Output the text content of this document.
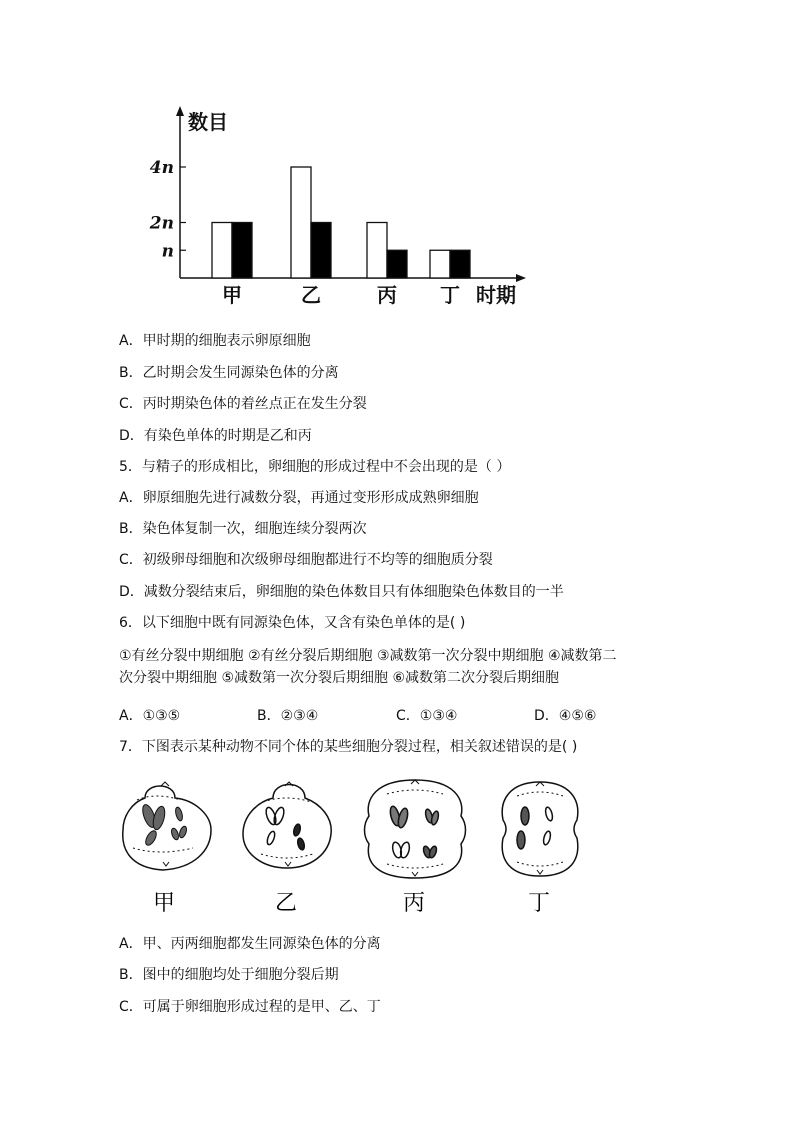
数目
4n
2n
n
甲	乙	丙 丁 时期
A．甲时期的细胞表示卵原细胞
B．乙时期会发生同源染色体的分离
C．丙时期染色体的着丝点正在发生分裂
D．有染色单体的时期是乙和丙
5．与精子的形成相比，卵细胞的形成过程中不会出现的是（ ）
A．卵原细胞先进行减数分裂，再通过变形形成成熟卵细胞
B．染色体复制一次，细胞连续分裂两次
C．初级卵母细胞和次级卵母细胞都进行不均等的细胞质分裂
D．减数分裂结束后，卵细胞的染色体数目只有体细胞染色体数目的一半
6．以下细胞中既有同源染色体，又含有染色单体的是( )
①有丝分裂中期细胞 ②有丝分裂后期细胞 ③减数第一次分裂中期细胞 ④减数第二
次分裂中期细胞 ⑤减数第一次分裂后期细胞 ⑥减数第二次分裂后期细胞
A．①③⑤	B．②③④	C．①③④	D．④⑤⑥
7．下图表示某种动物不同个体的某些细胞分裂过程，相关叙述错误的是( )
甲	乙	丙	丁
A．甲、丙两细胞都发生同源染色体的分离
B．图中的细胞均处于细胞分裂后期
C．可属于卵细胞形成过程的是甲、乙、丁
